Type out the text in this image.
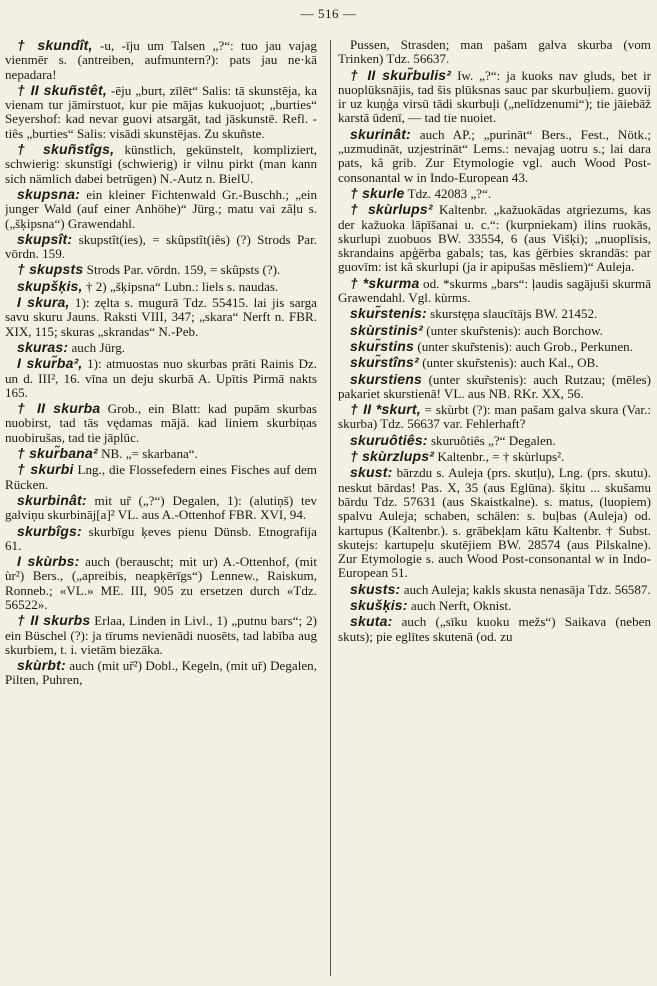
— 516 —

† skundît, -u, -īju um Talsen „?“: tuo jau vajag vienmēr s. (antreiben, aufmuntern?): pats jau ne·kā nepadara!

† II skuñstêt, -ēju „burt, zīlēt“ Salis: tā skunstēja, ka vienam tur jāmirstuot, kur pie mājas kukuojuot; „burties“ Seyershof: kad nevar guovi atsargāt, tad jāskunstē. Refl. -tiês „burties“ Salis: visādi skunstējas. Zu skuñste.

† skuñstîgs, künstlich, gekünstelt, kompliziert, schwierig: skunstīgi (schwierig) ir vilnu pirkt (man kann sich nämlich dabei betrügen) N.-Autz n. BielU.

skupsna: ein kleiner Fichtenwald Gr.-Buschh.; „ein junger Wald (auf einer Anhöhe)“ Jürg.; matu vai zâļu s. („šķipsna“) Grawendahl.

skupsît: skupstît(ies), = skûpstît(iês) (?) Strods Par. vōrdn. 159.

† skupsts Strods Par. vōrdn. 159, = skûpsts (?).

skupšķis, † 2) „šķipsna“ Lubn.: liels s. naudas.

I skura, 1): zęlta s. mugurā Tdz. 55415. lai jis sarga savu skuru Jauns. Raksti VIII, 347; „skara“ Nerft n. FBR. XIX, 115; skuras „skrandas“ N.-Peb.

skuras: auch Jürg.

I skur̃ba², 1): atmuostas nuo skurbas prāti Rainis Dz. un d. III², 16. vīna un deju skurbā A. Upītis Pirmā nakts 165.

† II skurba Grob., ein Blatt: kad pupām skurbas nuobirst, tad tās vędamas mājā. kad liniem skurbiņas nuobirušas, tad tie jāplūc.

† skur̃bana² NB. „= skarbana“.

† skurbi Lng., die Flossefedern eines Fisches auf dem Rücken.

skurbinât: mit ur̃ („?“) Degalen, 1): (alutiņš) tev galviņu skurbināj[a]² VL. aus A.-Ottenhof FBR. XVI, 94.

skurbîgs: skurbīgu ķeves pienu Dünsb. Etnografija 61.

I skùrbs: auch (berauscht; mit ur) A.-Ottenhof, (mit ùr²) Bers., („apreibis, neapķērīgs“) Lennew., Raiskum, Ronneb.; «VL.» ME. III, 905 zu ersetzen durch «Tdz. 56522».

† II skurbs Erlaa, Linden in Livl., 1) „putnu bars“; 2) ein Büschel (?): ja tīrums nevienādi nuosēts, tad labība aug skurbiem, t. i. vietām biezāka.

skùrbt: auch (mit ur̃²) Dobl., Kegeln, (mit uř) Degalen, Pilten, Puhren,

Pussen, Strasden; man pašam galva skurba (vom Trinken) Tdz. 56637.

† II skur̃bulis² Iw. „?“: ja kuoks nav gluds, bet ir nuoplūksnājis, tad šis plūksnas sauc par skurbuļiem. guovij ir uz kuņģa virsū tādi skurbuļi („nelīdzenumi“); tie jāiebāž karstā ūdenī, — tad tie nuoiet.

skurinât: auch AP.; „purināt“ Bers., Fest., Nötk.; „uzmudināt, uzjestrināt“ Lems.: nevajag uotru s.; lai dara pats, kâ grib. Zur Etymologie vgl. auch Wood Post-consonantal w in Indo-European 43.

† skurle Tdz. 42083 „?“.

† skùrlups² Kaltenbr. „kažuokādas atgriezums, kas der kažuoka lāpīšanai u. c.“: (kurpniekam) ilins ruokās, skurlupi zuobuos BW. 33554, 6 (aus Višķi); „nuoplīsis, skrandains apģērba gabals; tas, kas ģērbies skrandās: par guovīm: ist kâ skurlupi (ja ir apipušas mēsliem)“ Auleja.

† *skurma od. *skurms „bars“: ļaudis sagājuši skurmā Grawendahl. Vgl. kùrms.

skur̃stenis: skurstęņa slaucītājs BW. 21452.

skùrstinis² (unter skur̃stenis): auch Borchow.

skur̃stins (unter skur̃stenis): auch Grob., Perkunen.

skur̃stîns² (unter skur̃stenis): auch Kal., OB.

skurstiens (unter skur̃stenis): auch Rutzau; (mēles) pakariet skurstienā! VL. aus NB. RKr. XX, 56.

† II *skurt, = skùrbt (?): man pašam galva skura (Var.: skurba) Tdz. 56637 var. Fehlerhaft?

skuruôtiês: skuruôtiês „?“ Degalen.

† skùrzlups² Kaltenbr., = † skùrlups².

skust: bārzdu s. Auleja (prs. skutļu), Lng. (prs. skutu). neskut bārdas! Pas. X, 35 (aus Eglūna). šķitu ... skušamu bārdu Tdz. 57631 (aus Skaistkalne). s. matus, (luopiem) spalvu Auleja; schaben, schälen: s. buļbas (Auleja) od. kartupus (Kaltenbr.). s. grābekļam kātu Kaltenbr. † Subst. skutejs: kartupeļu skutējiem BW. 28574 (aus Pilskalne). Zur Etymologie s. auch Wood Post-consonantal w in Indo-European 51.

skusts: auch Auleja; kakls skusta nenasāja Tdz. 56587.

skušķis: auch Nerft, Oknist.

skuta: auch („sīku kuoku mežs“) Saikava (neben skuts); pie eglītes skutenā (od. zu
